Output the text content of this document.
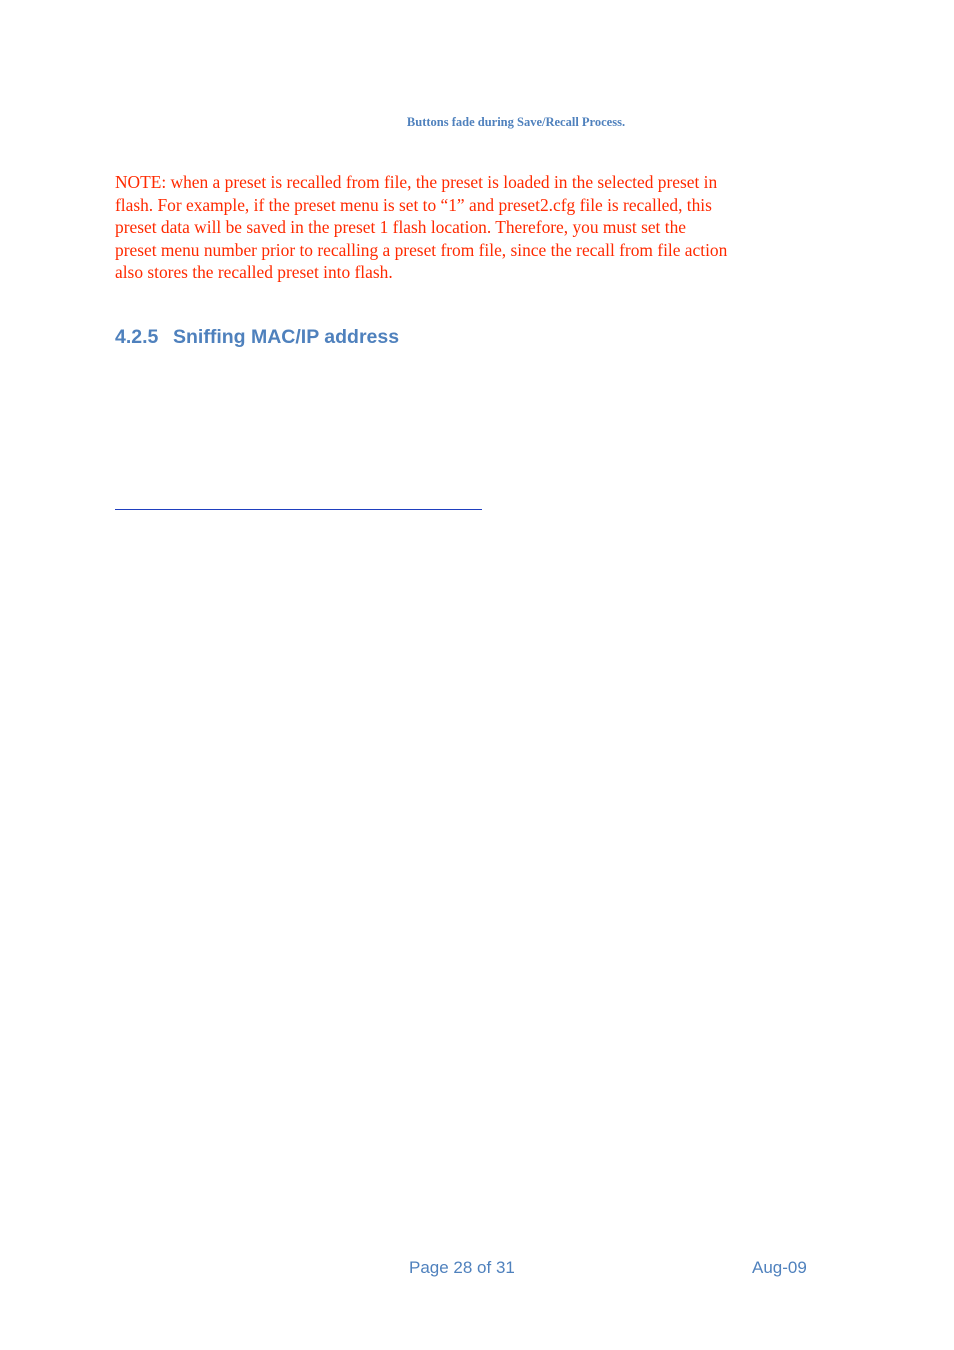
Buttons fade during Save/Recall Process.
NOTE: when a preset is recalled from file, the preset is loaded in the selected preset in
flash. For example, if the preset menu is set to “1” and preset2.cfg file is recalled, this
preset data will be saved in the preset 1 flash location. Therefore, you must set the
preset menu number prior to recalling a preset from file, since the recall from file action
also stores the recalled preset into flash.
4.2.5 Sniffing MAC/IP address
Page 28 of 31	Aug-09
